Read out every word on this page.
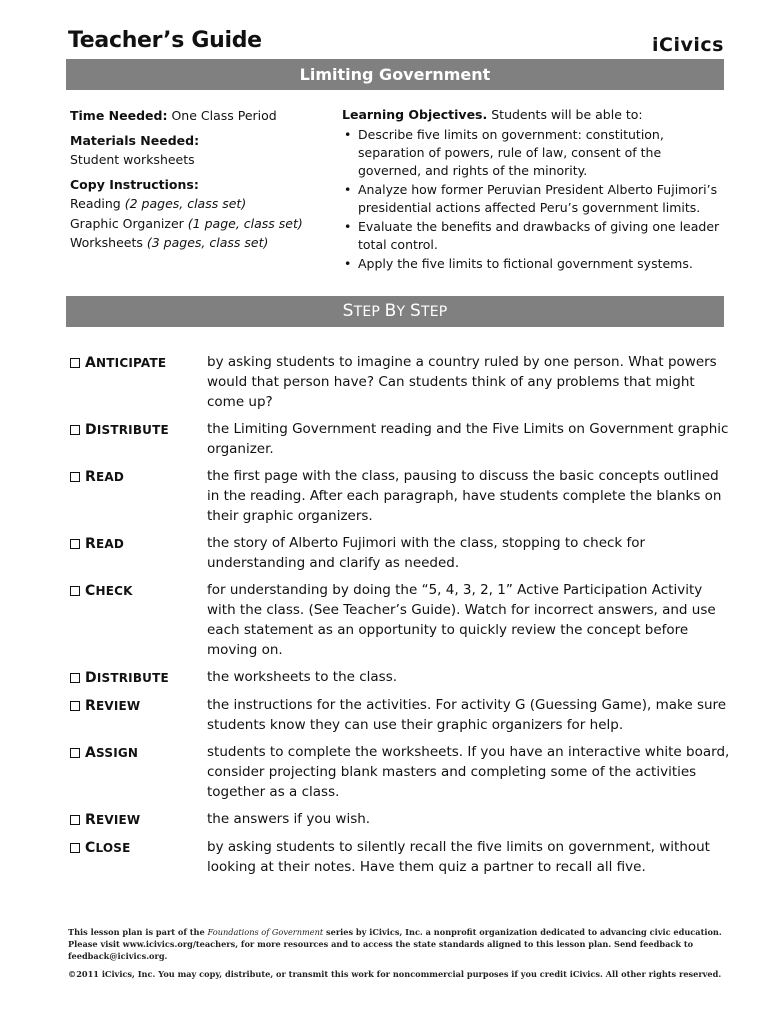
Teacher’s Guide	iCivics
Limiting Government
Time Needed: One Class Period
Materials Needed:
Student worksheets
Copy Instructions:
Reading (2 pages, class set)
Graphic Organizer (1 page, class set)
Worksheets (3 pages, class set)
Learning Objectives. Students will be able to:
• Describe five limits on government: constitution, separation of powers, rule of law, consent of the governed, and rights of the minority.
• Analyze how former Peruvian President Alberto Fujimori’s presidential actions affected Peru’s government limits.
• Evaluate the benefits and drawbacks of giving one leader total control.
• Apply the five limits to fictional government systems.
STEP BY STEP
ANTICIPATE	by asking students to imagine a country ruled by one person. What powers would that person have? Can students think of any problems that might come up?
DISTRIBUTE	the Limiting Government reading and the Five Limits on Government graphic organizer.
READ	the first page with the class, pausing to discuss the basic concepts outlined in the reading. After each paragraph, have students complete the blanks on their graphic organizers.
READ	the story of Alberto Fujimori with the class, stopping to check for understanding and clarify as needed.
CHECK	for understanding by doing the “5, 4, 3, 2, 1” Active Participation Activity with the class. (See Teacher’s Guide). Watch for incorrect answers, and use each statement as an opportunity to quickly review the concept before moving on.
DISTRIBUTE	the worksheets to the class.
REVIEW	the instructions for the activities. For activity G (Guessing Game), make sure students know they can use their graphic organizers for help.
ASSIGN	students to complete the worksheets. If you have an interactive white board, consider projecting blank masters and completing some of the activities together as a class.
REVIEW	the answers if you wish.
CLOSE	by asking students to silently recall the five limits on government, without looking at their notes. Have them quiz a partner to recall all five.
This lesson plan is part of the Foundations of Government series by iCivics, Inc. a nonprofit organization dedicated to advancing civic education. Please visit www.icivics.org/teachers, for more resources and to access the state standards aligned to this lesson plan. Send feedback to feedback@icivics.org.
©2011 iCivics, Inc. You may copy, distribute, or transmit this work for noncommercial purposes if you credit iCivics. All other rights reserved.
